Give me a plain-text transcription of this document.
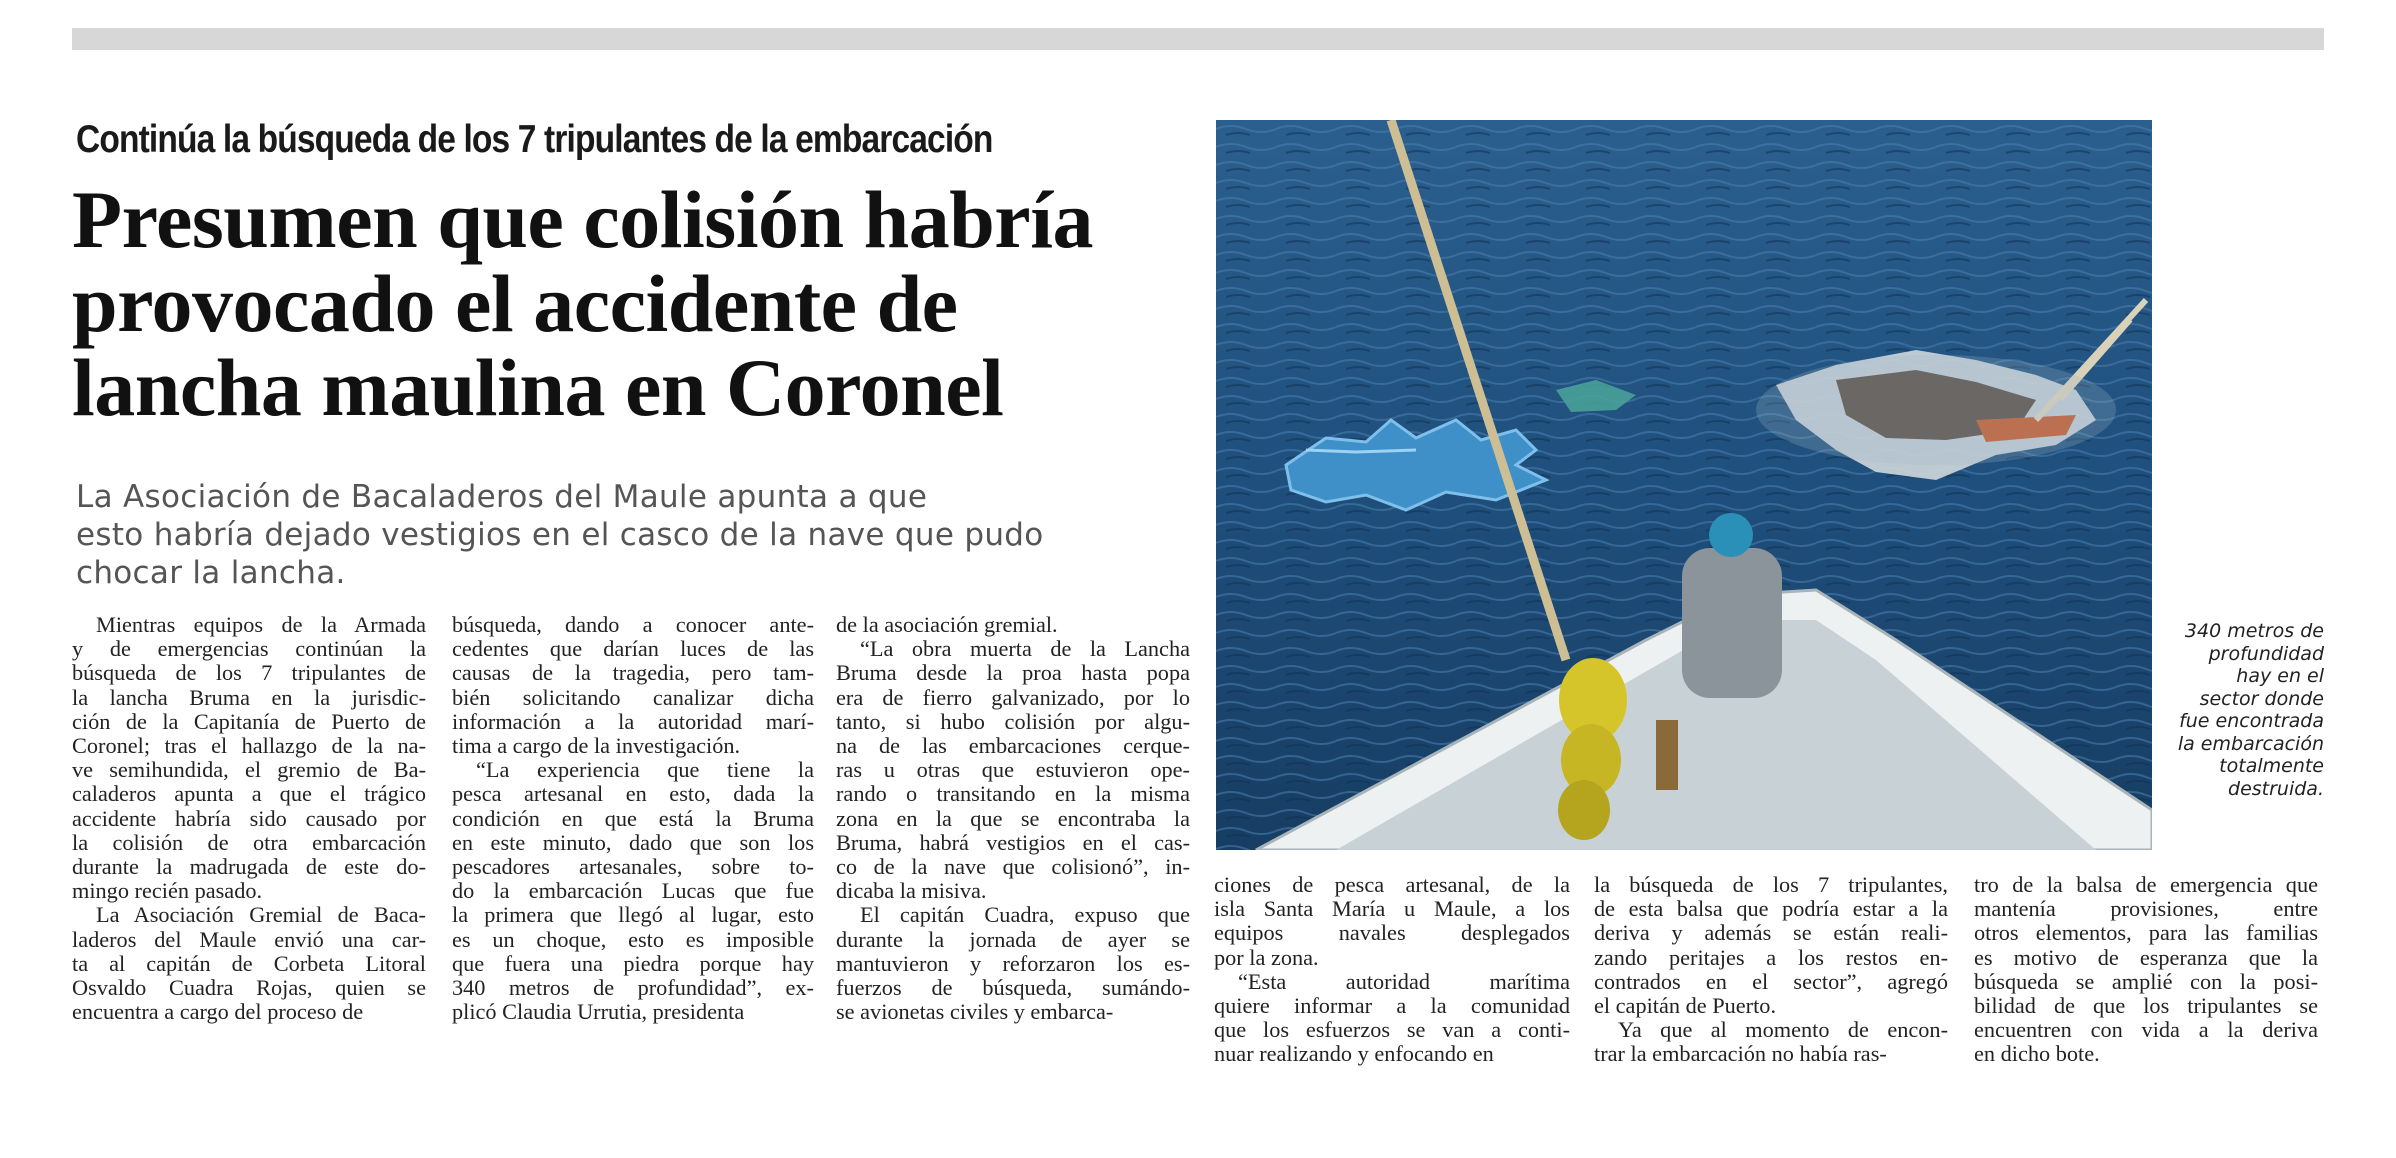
Continúa la búsqueda de los 7 tripulantes de la embarcación
Presumen que colisión habría
provocado el accidente de
lancha maulina en Coronel
La Asociación de Bacaladeros del Maule apunta a que
esto habría dejado vestigios en el casco de la nave que pudo
chocar la lancha.
Mientras equipos de la Armada
y de emergencias continúan la
búsqueda de los 7 tripulantes de
la lancha Bruma en la jurisdic-
ción de la Capitanía de Puerto de
Coronel; tras el hallazgo de la na-
ve semihundida, el gremio de Ba-
caladeros apunta a que el trágico
accidente habría sido causado por
la colisión de otra embarcación
durante la madrugada de este do-
mingo recién pasado.
La Asociación Gremial de Baca-
laderos del Maule envió una car-
ta al capitán de Corbeta Litoral
Osvaldo Cuadra Rojas, quien se
encuentra a cargo del proceso de
búsqueda, dando a conocer ante-
cedentes que darían luces de las
causas de la tragedia, pero tam-
bién solicitando canalizar dicha
información a la autoridad marí-
tima a cargo de la investigación.
“La experiencia que tiene la
pesca artesanal en esto, dada la
condición en que está la Bruma
en este minuto, dado que son los
pescadores artesanales, sobre to-
do la embarcación Lucas que fue
la primera que llegó al lugar, esto
es un choque, esto es imposible
que fuera una piedra porque hay
340 metros de profundidad”, ex-
plicó Claudia Urrutia, presidenta
de la asociación gremial.
“La obra muerta de la Lancha
Bruma desde la proa hasta popa
era de fierro galvanizado, por lo
tanto, si hubo colisión por algu-
na de las embarcaciones cerque-
ras u otras que estuvieron ope-
rando o transitando en la misma
zona en la que se encontraba la
Bruma, habrá vestigios en el cas-
co de la nave que colisionó”, in-
dicaba la misiva.
El capitán Cuadra, expuso que
durante la jornada de ayer se
mantuvieron y reforzaron los es-
fuerzos de búsqueda, sumándo-
se avionetas civiles y embarca-
ciones de pesca artesanal, de la
isla Santa María u Maule, a los
equipos navales desplegados
por la zona.
“Esta autoridad marítima
quiere informar a la comunidad
que los esfuerzos se van a conti-
nuar realizando y enfocando en
la búsqueda de los 7 tripulantes,
de esta balsa que podría estar a la
deriva y además se están reali-
zando peritajes a los restos en-
contrados en el sector”, agregó
el capitán de Puerto.
Ya que al momento de encon-
trar la embarcación no había ras-
tro de la balsa de emergencia que
mantenía provisiones, entre
otros elementos, para las familias
es motivo de esperanza que la
búsqueda se amplié con la posi-
bilidad de que los tripulantes se
encuentren con vida a la deriva
en dicho bote.
340 metros de
profundidad
hay en el
sector donde
fue encontrada
la embarcación
totalmente
destruida.
